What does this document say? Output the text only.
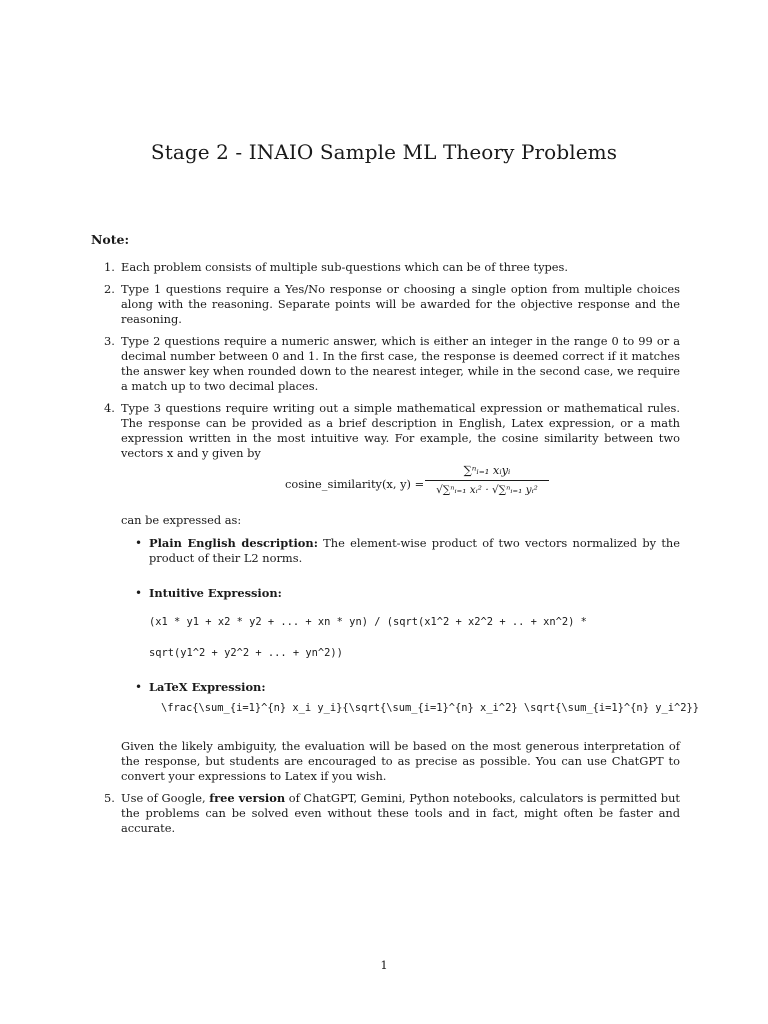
Stage 2 - INAIO Sample ML Theory Problems
Note:
1. Each problem consists of multiple sub-questions which can be of three types.
2. Type 1 questions require a Yes/No response or choosing a single option from multiple choices along with the reasoning. Separate points will be awarded for the objective response and the reasoning.
3. Type 2 questions require a numeric answer, which is either an integer in the range 0 to 99 or a decimal number between 0 and 1. In the first case, the response is deemed correct if it matches the answer key when rounded down to the nearest integer, while in the second case, we require a match up to two decimal places.
4. Type 3 questions require writing out a simple mathematical expression or mathematical rules. The response can be provided as a brief description in English, Latex expression, or a math expression written in the most intuitive way. For example, the cosine similarity between two vectors x and y given by
cosine_similarity(x, y) =
∑ⁿᵢ₌₁ xᵢyᵢ
√∑ⁿᵢ₌₁ xᵢ² · √∑ⁿᵢ₌₁ yᵢ²
can be expressed as:
• Plain English description: The element-wise product of two vectors normalized by the product of their L2 norms.
• Intuitive Expression:
(x1 * y1 + x2 * y2 + ... + xn * yn) / (sqrt(x1^2 + x2^2 + .. + xn^2) *
sqrt(y1^2 + y2^2 + ... + yn^2))
• LaTeX Expression:
\frac{\sum_{i=1}^{n} x_i y_i}{\sqrt{\sum_{i=1}^{n} x_i^2} \sqrt{\sum_{i=1}^{n} y_i^2}}
Given the likely ambiguity, the evaluation will be based on the most generous interpretation of the response, but students are encouraged to as precise as possible. You can use ChatGPT to convert your expressions to Latex if you wish.
5. Use of Google, free version of ChatGPT, Gemini, Python notebooks, calculators is permitted but the problems can be solved even without these tools and in fact, might often be faster and accurate.
1
